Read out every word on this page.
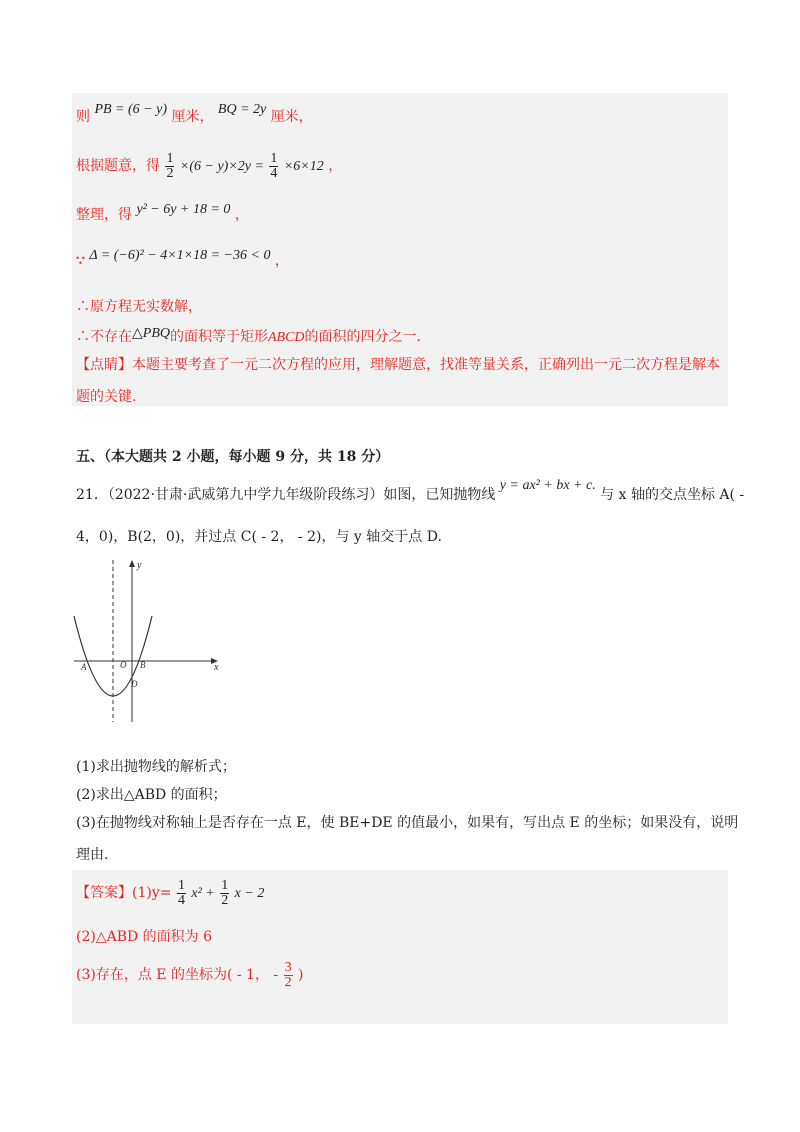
则 PB = (6 − y) 厘米， BQ = 2y 厘米，
根据题意，得 $\frac{1}{2} \times(6 - y)\times 2y = \frac{1}{4} \times 6\times 12$ ，
整理，得 y² − 6y + 18 = 0 ，
∵ Δ = (−6)² − 4×1×18 = −36 < 0 ，
∴原方程无实数解，
∴不存在△PBQ的面积等于矩形ABCD的面积的四分之一.
【点睛】本题主要考查了一元二次方程的应用，理解题意，找准等量关系，正确列出一元二次方程是解本
题的关键.
五、（本大题共 2 小题，每小题 9 分，共 18 分）
21．（2022·甘肃·武威第九中学九年级阶段练习）如图，已知抛物线 y = ax² + bx + c. 与 x 轴的交点坐标 A( -
4，0)，B(2，0)，并过点 C( - 2， - 2)，与 y 轴交于点 D.
y
x
A	O B
D
(1)求出抛物线的解析式；
(2)求出△ABD 的面积；
(3)在抛物线对称轴上是否存在一点 E，使 BE+DE 的值最小，如果有，写出点 E 的坐标；如果没有，说明
理由.
【答案】$(1)y= \frac{1}{4} x^2 + \frac{1}{2}$ x − 2
(2)△ABD 的面积为 6
(3)存在，点 E 的坐标为( - 1， - $\frac{3}{2}$ )
